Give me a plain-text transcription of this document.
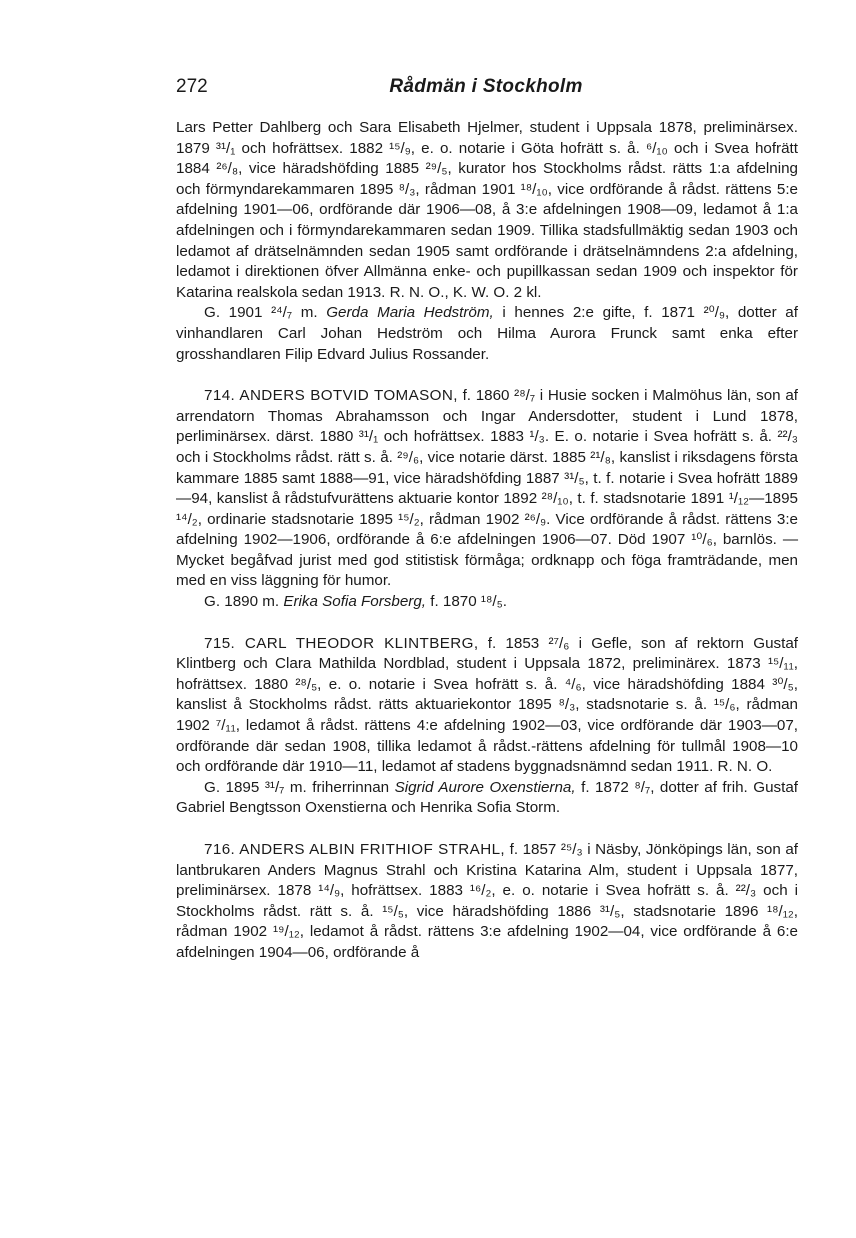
272	Rådmän i Stockholm

Lars Petter Dahlberg och Sara Elisabeth Hjelmer, student i Uppsala 1878, preliminärsex. 1879 ³¹/₁ och hofrättsex. 1882 ¹⁵/₉, e. o. notarie i Göta hofrätt s. å. ⁶/₁₀ och i Svea hofrätt 1884 ²⁶/₈, vice häradshöfding 1885 ²⁹/₅, kurator hos Stockholms rådst. rätts 1:a afdelning och förmyndarekammaren 1895 ⁸/₃, rådman 1901 ¹⁸/₁₀, vice ordförande å rådst. rättens 5:e afdelning 1901—06, ordförande där 1906—08, å 3:e afdelningen 1908—09, ledamot å 1:a afdelningen och i förmyndarekammaren sedan 1909. Tillika stadsfullmäktig sedan 1903 och ledamot af drätselnämnden sedan 1905 samt ordförande i drätselnämndens 2:a afdelning, ledamot i direktionen öfver Allmänna enke- och pupillkassan sedan 1909 och inspektor för Katarina realskola sedan 1913. R. N. O., K. W. O. 2 kl.

G. 1901 ²⁴/₇ m. Gerda Maria Hedström, i hennes 2:e gifte, f. 1871 ²⁰/₉, dotter af vinhandlaren Carl Johan Hedström och Hilma Aurora Frunck samt enka efter grosshandlaren Filip Edvard Julius Rossander.

714. ANDERS BOTVID TOMASON, f. 1860 ²⁸/₇ i Husie socken i Malmöhus län, son af arrendatorn Thomas Abrahamsson och Ingar Andersdotter, student i Lund 1878, perliminärsex. därst. 1880 ³¹/₁ och hofrättsex. 1883 ¹/₃. E. o. notarie i Svea hofrätt s. å. ²²/₃ och i Stockholms rådst. rätt s. å. ²⁹/₆, vice notarie därst. 1885 ²¹/₈, kanslist i riksdagens första kammare 1885 samt 1888—91, vice häradshöfding 1887 ³¹/₅, t. f. notarie i Svea hofrätt 1889—94, kanslist å rådstufvurättens aktuarie kontor 1892 ²⁸/₁₀, t. f. stadsnotarie 1891 ¹/₁₂—1895 ¹⁴/₂, ordinarie stadsnotarie 1895 ¹⁵/₂, rådman 1902 ²⁶/₉. Vice ordförande å rådst. rättens 3:e afdelning 1902—1906, ordförande å 6:e afdelningen 1906—07. Död 1907 ¹⁰/₆, barnlös. — Mycket begåfvad jurist med god stitistisk förmåga; ordknapp och föga framträdande, men med en viss läggning för humor.

G. 1890 m. Erika Sofia Forsberg, f. 1870 ¹⁸/₅.

715. CARL THEODOR KLINTBERG, f. 1853 ²⁷/₆ i Gefle, son af rektorn Gustaf Klintberg och Clara Mathilda Nordblad, student i Uppsala 1872, preliminärex. 1873 ¹⁵/₁₁, hofrättsex. 1880 ²⁸/₅, e. o. notarie i Svea hofrätt s. å. ⁴/₆, vice häradshöfding 1884 ³⁰/₅, kanslist å Stockholms rådst. rätts aktuariekontor 1895 ⁸/₃, stadsnotarie s. å. ¹⁵/₆, rådman 1902 ⁷/₁₁, ledamot å rådst. rättens 4:e afdelning 1902—03, vice ordförande där 1903—07, ordförande där sedan 1908, tillika ledamot å rådst.-rättens afdelning för tullmål 1908—10 och ordförande där 1910—11, ledamot af stadens byggnadsnämnd sedan 1911. R. N. O.

G. 1895 ³¹/₇ m. friherrinnan Sigrid Aurore Oxenstierna, f. 1872 ⁸/₇, dotter af frih. Gustaf Gabriel Bengtsson Oxenstierna och Henrika Sofia Storm.

716. ANDERS ALBIN FRITHIOF STRAHL, f. 1857 ²⁵/₃ i Näsby, Jönköpings län, son af lantbrukaren Anders Magnus Strahl och Kristina Katarina Alm, student i Uppsala 1877, preliminärsex. 1878 ¹⁴/₉, hofrättsex. 1883 ¹⁶/₂, e. o. notarie i Svea hofrätt s. å. ²²/₃ och i Stockholms rådst. rätt s. å. ¹⁵/₅, vice häradshöfding 1886 ³¹/₅, stadsnotarie 1896 ¹⁸/₁₂, rådman 1902 ¹⁹/₁₂, ledamot å rådst. rättens 3:e afdelning 1902—04, vice ordförande å 6:e afdelningen 1904—06, ordförande å
